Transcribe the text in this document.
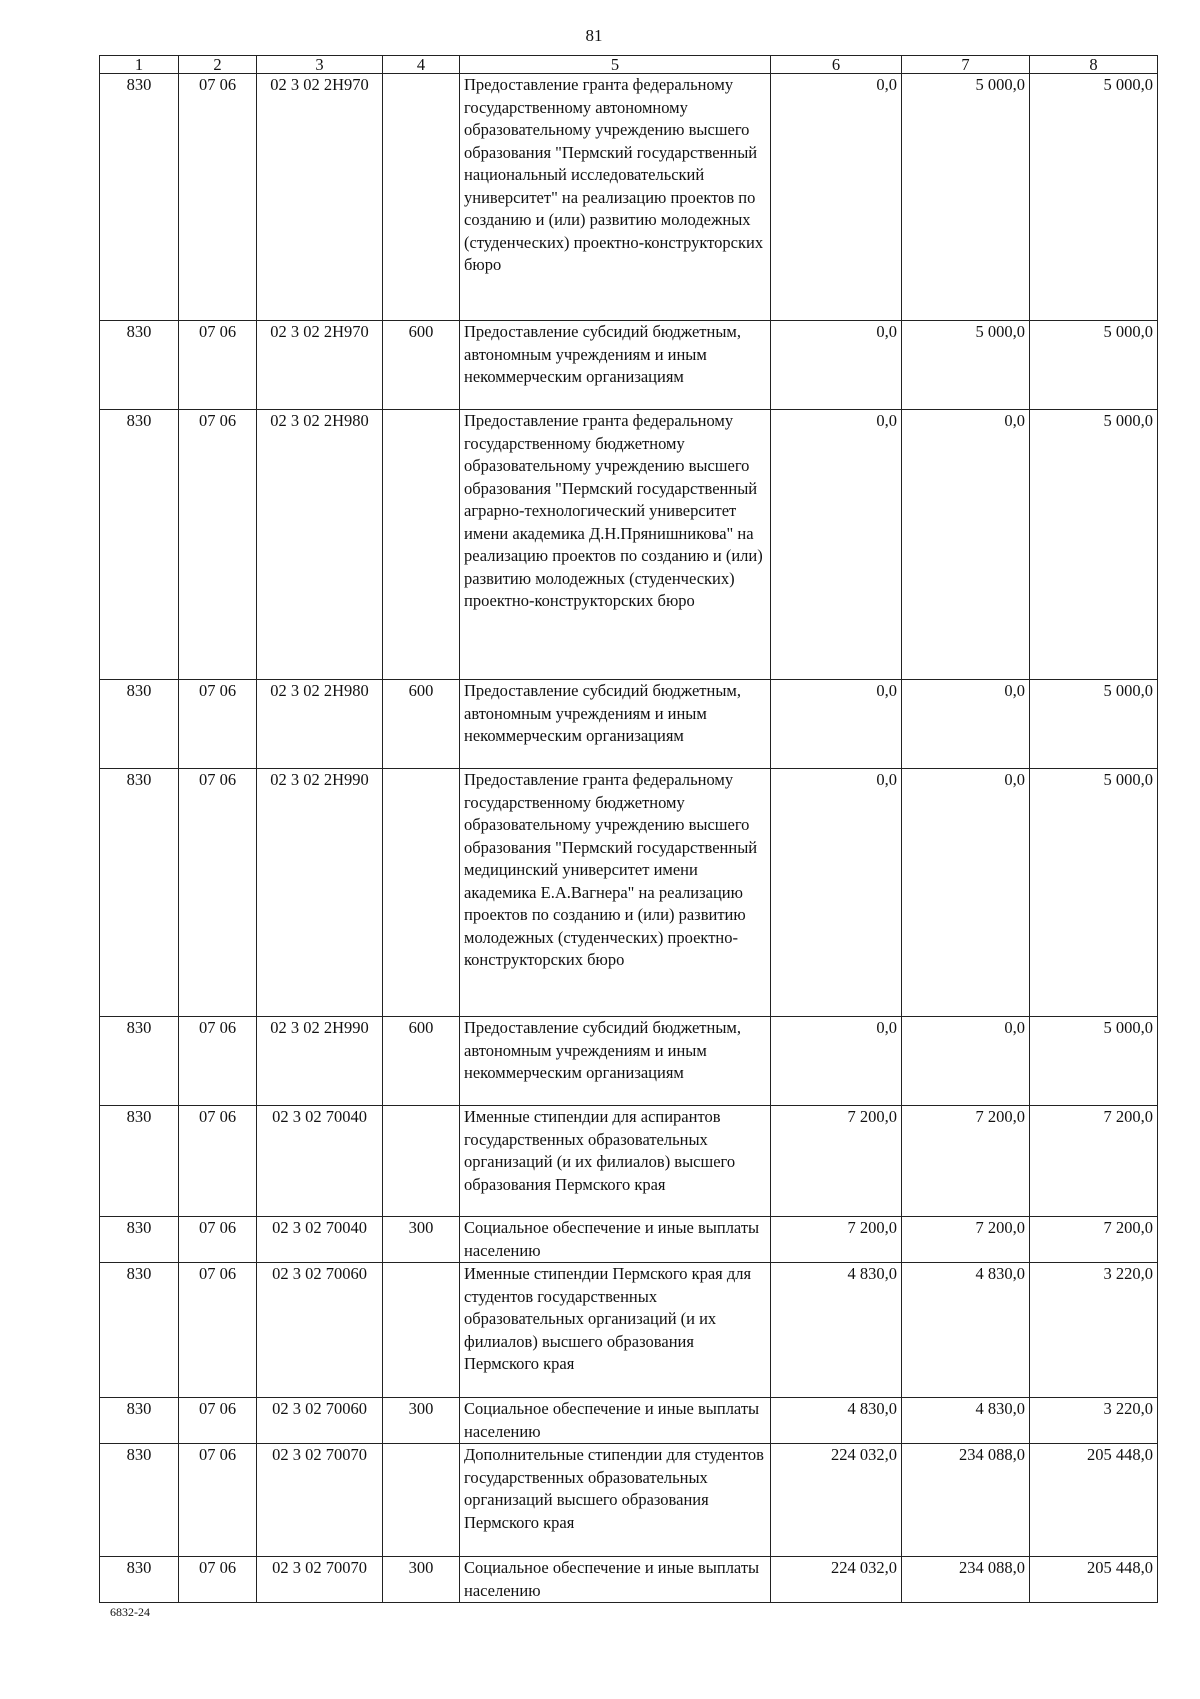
81
1	2	3	4	5	6	7	8
830	07 06	02 3 02 2Н970		Предоставление гранта федеральному государственному автономному образовательному учреждению высшего образования "Пермский государственный национальный исследовательский университет" на реализацию проектов по созданию и (или) развитию молодежных (студенческих) проектно-конструкторских бюро	0,0	5 000,0	5 000,0
830	07 06	02 3 02 2Н970	600	Предоставление субсидий бюджетным, автономным учреждениям и иным некоммерческим организациям	0,0	5 000,0	5 000,0
830	07 06	02 3 02 2Н980		Предоставление гранта федеральному государственному бюджетному образовательному учреждению высшего образования "Пермский государственный аграрно-технологический университет имени академика Д.Н.Прянишникова" на реализацию проектов по созданию и (или) развитию молодежных (студенческих) проектно-конструкторских бюро	0,0	0,0	5 000,0
830	07 06	02 3 02 2Н980	600	Предоставление субсидий бюджетным, автономным учреждениям и иным некоммерческим организациям	0,0	0,0	5 000,0
830	07 06	02 3 02 2Н990		Предоставление гранта федеральному государственному бюджетному образовательному учреждению высшего образования "Пермский государственный медицинский университет имени академика Е.А.Вагнера" на реализацию проектов по созданию и (или) развитию молодежных (студенческих) проектно-конструкторских бюро	0,0	0,0	5 000,0
830	07 06	02 3 02 2Н990	600	Предоставление субсидий бюджетным, автономным учреждениям и иным некоммерческим организациям	0,0	0,0	5 000,0
830	07 06	02 3 02 70040		Именные стипендии для аспирантов государственных образовательных организаций (и их филиалов) высшего образования Пермского края	7 200,0	7 200,0	7 200,0
830	07 06	02 3 02 70040	300	Социальное обеспечение и иные выплаты населению	7 200,0	7 200,0	7 200,0
830	07 06	02 3 02 70060		Именные стипендии Пермского края для студентов государственных образовательных организаций (и их филиалов) высшего образования Пермского края	4 830,0	4 830,0	3 220,0
830	07 06	02 3 02 70060	300	Социальное обеспечение и иные выплаты населению	4 830,0	4 830,0	3 220,0
830	07 06	02 3 02 70070		Дополнительные стипендии для студентов государственных образовательных организаций высшего образования Пермского края	224 032,0	234 088,0	205 448,0
830	07 06	02 3 02 70070	300	Социальное обеспечение и иные выплаты населению	224 032,0	234 088,0	205 448,0
6832-24
